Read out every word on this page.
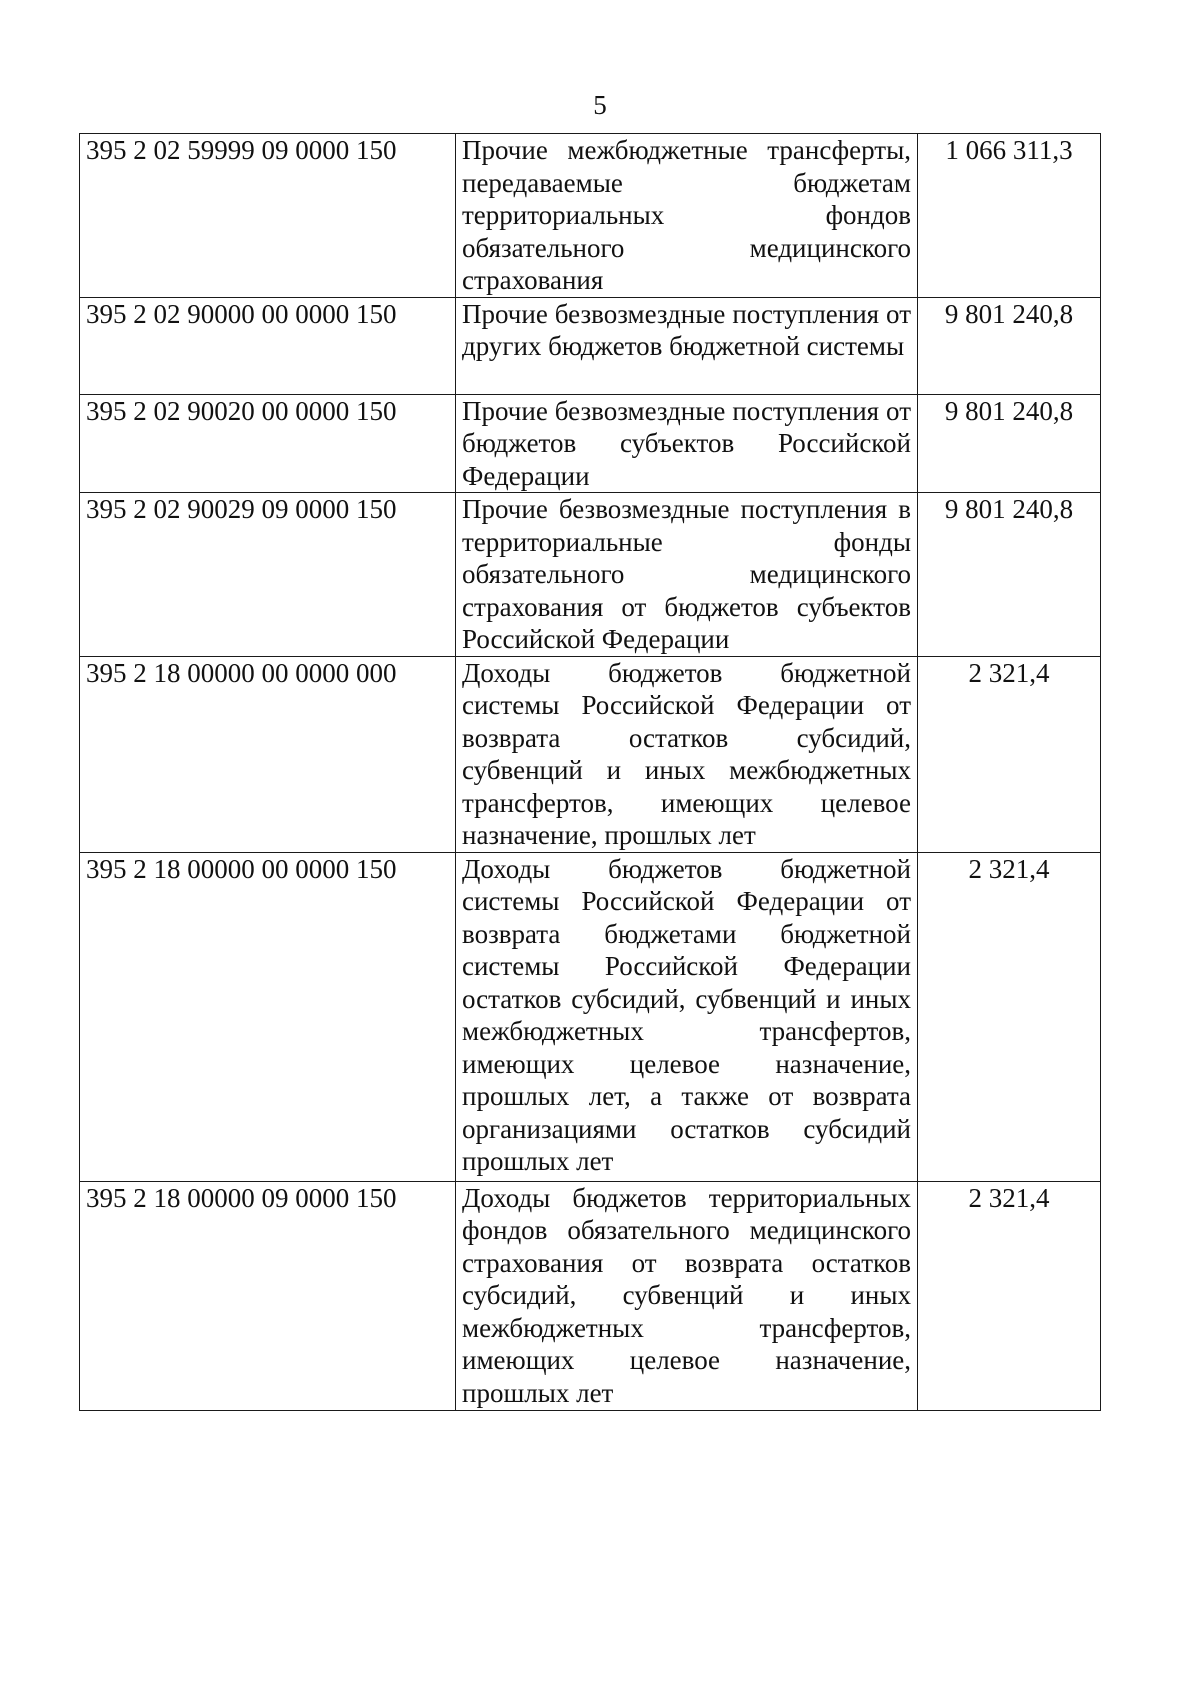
5
395 2 02 59999 09 0000 150	Прочие межбюджетные трансферты, передаваемые бюджетам территориальных фондов обязательного медицинского страхования	1 066 311,3
395 2 02 90000 00 0000 150	Прочие безвозмездные поступления от других бюджетов бюджетной системы	9 801 240,8
395 2 02 90020 00 0000 150	Прочие безвозмездные поступления от бюджетов субъектов Российской Федерации	9 801 240,8
395 2 02 90029 09 0000 150	Прочие безвозмездные поступления в территориальные фонды обязательного медицинского страхования от бюджетов субъектов Российской Федерации	9 801 240,8
395 2 18 00000 00 0000 000	Доходы бюджетов бюджетной системы Российской Федерации от возврата остатков субсидий, субвенций и иных межбюджетных трансфертов, имеющих целевое назначение, прошлых лет	2 321,4
395 2 18 00000 00 0000 150	Доходы бюджетов бюджетной системы Российской Федерации от возврата бюджетами бюджетной системы Российской Федерации остатков субсидий, субвенций и иных межбюджетных трансфертов, имеющих целевое назначение, прошлых лет, а также от возврата организациями остатков субсидий прошлых лет	2 321,4
395 2 18 00000 09 0000 150	Доходы бюджетов территориальных фондов обязательного медицинского страхования от возврата остатков субсидий, субвенций и иных межбюджетных трансфертов, имеющих целевое назначение, прошлых лет	2 321,4
